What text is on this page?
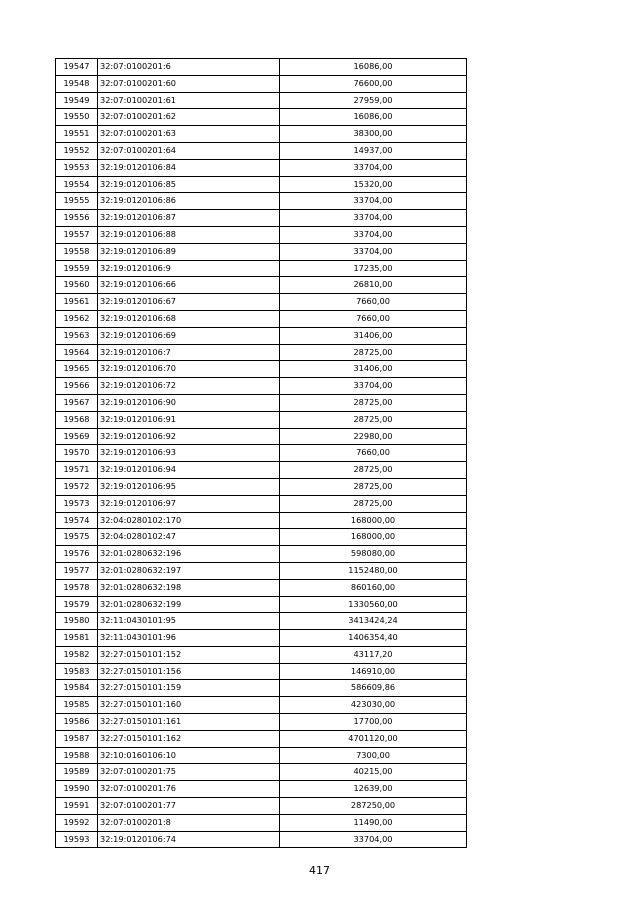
19547	32:07:0100201:6	16086,00
19548	32:07:0100201:60	76600,00
19549	32:07:0100201:61	27959,00
19550	32:07:0100201:62	16086,00
19551	32:07:0100201:63	38300,00
19552	32:07:0100201:64	14937,00
19553	32:19:0120106:84	33704,00
19554	32:19:0120106:85	15320,00
19555	32:19:0120106:86	33704,00
19556	32:19:0120106:87	33704,00
19557	32:19:0120106:88	33704,00
19558	32:19:0120106:89	33704,00
19559	32:19:0120106:9	17235,00
19560	32:19:0120106:66	26810,00
19561	32:19:0120106:67	7660,00
19562	32:19:0120106:68	7660,00
19563	32:19:0120106:69	31406,00
19564	32:19:0120106:7	28725,00
19565	32:19:0120106:70	31406,00
19566	32:19:0120106:72	33704,00
19567	32:19:0120106:90	28725,00
19568	32:19:0120106:91	28725,00
19569	32:19:0120106:92	22980,00
19570	32:19:0120106:93	7660,00
19571	32:19:0120106:94	28725,00
19572	32:19:0120106:95	28725,00
19573	32:19:0120106:97	28725,00
19574	32:04:0280102:170	168000,00
19575	32:04:0280102:47	168000,00
19576	32:01:0280632:196	598080,00
19577	32:01:0280632:197	1152480,00
19578	32:01:0280632:198	860160,00
19579	32:01:0280632:199	1330560,00
19580	32:11:0430101:95	3413424,24
19581	32:11:0430101:96	1406354,40
19582	32:27:0150101:152	43117,20
19583	32:27:0150101:156	146910,00
19584	32:27:0150101:159	586609,86
19585	32:27:0150101:160	423030,00
19586	32:27:0150101:161	17700,00
19587	32:27:0150101:162	4701120,00
19588	32:10:0160106:10	7300,00
19589	32:07:0100201:75	40215,00
19590	32:07:0100201:76	12639,00
19591	32:07:0100201:77	287250,00
19592	32:07:0100201:8	11490,00
19593	32:19:0120106:74	33704,00
417
